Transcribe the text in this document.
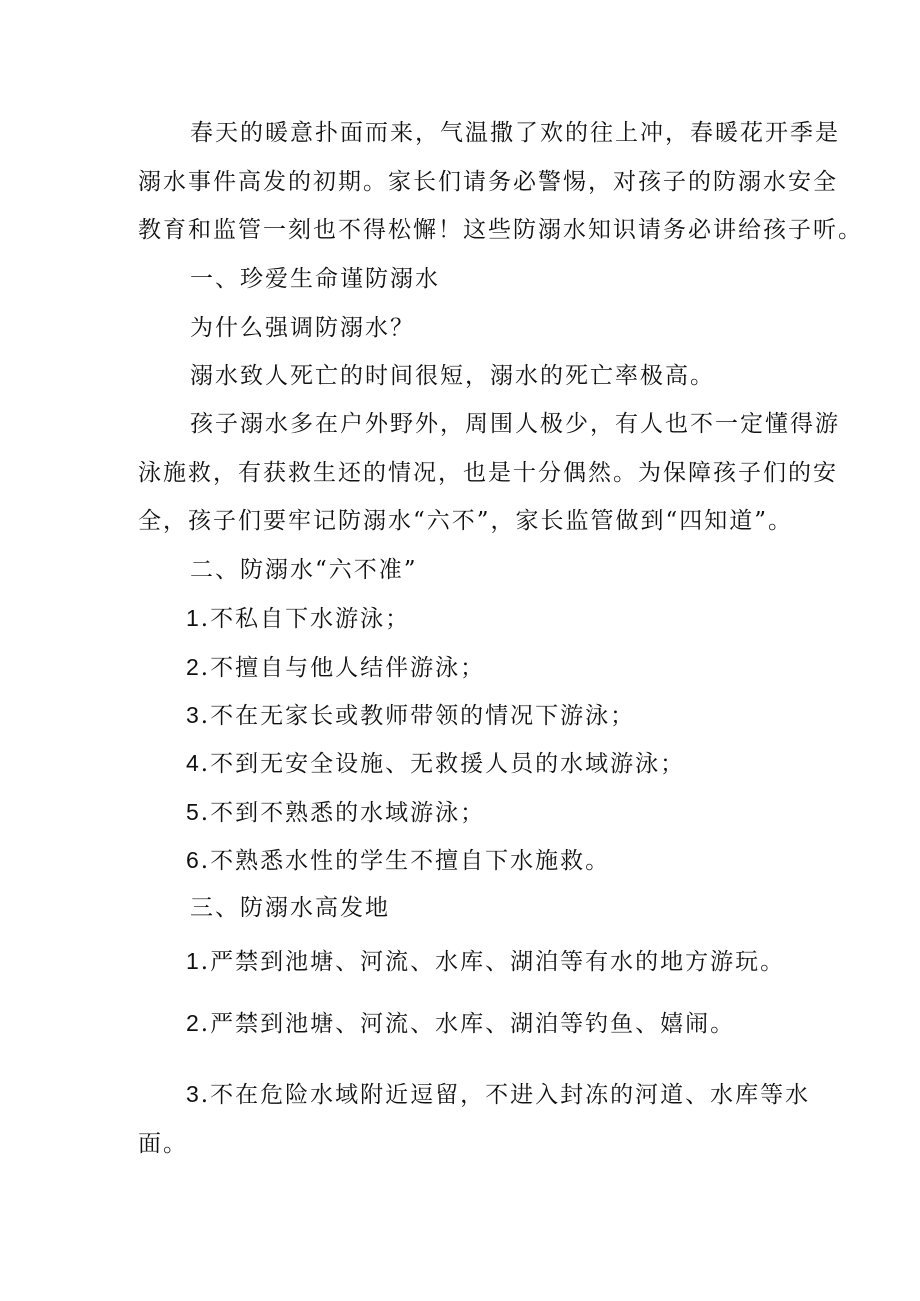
春天的暖意扑面而来，气温撒了欢的往上冲，春暖花开季是
溺水事件高发的初期。家长们请务必警惕，对孩子的防溺水安全
教育和监管一刻也不得松懈！这些防溺水知识请务必讲给孩子听。
一、珍爱生命谨防溺水
为什么强调防溺水？
溺水致人死亡的时间很短，溺水的死亡率极高。
孩子溺水多在户外野外，周围人极少，有人也不一定懂得游
泳施救，有获救生还的情况，也是十分偶然。为保障孩子们的安
全，孩子们要牢记防溺水“六不”，家长监管做到“四知道”。
二、防溺水“六不准”
1.不私自下水游泳；
2.不擅自与他人结伴游泳；
3.不在无家长或教师带领的情况下游泳；
4.不到无安全设施、无救援人员的水域游泳；
5.不到不熟悉的水域游泳；
6.不熟悉水性的学生不擅自下水施救。
三、防溺水高发地
1.严禁到池塘、河流、水库、湖泊等有水的地方游玩。
2.严禁到池塘、河流、水库、湖泊等钓鱼、嬉闹。
3.不在危险水域附近逗留，不进入封冻的河道、水库等水
面。
